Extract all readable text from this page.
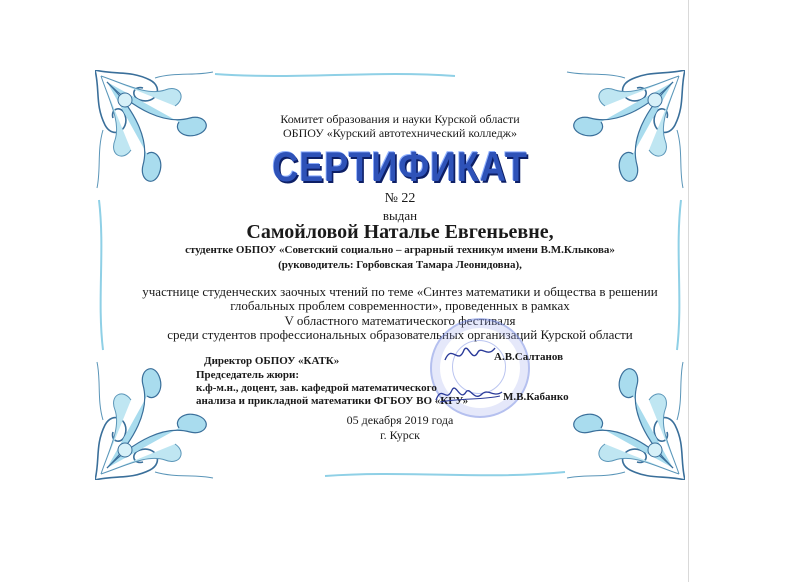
Комитет образования и науки Курской области
ОБПОУ «Курский автотехнический колледж»
СЕРТИФИКАТ
№ 22
выдан
Самойловой Наталье Евгеньевне,
студентке ОБПОУ «Советский социально – аграрный техникум имени В.М.Клыкова»
(руководитель: Горбовская Тамара Леонидовна),
участнице студенческих заочных чтений по теме «Синтез математики и общества в решении
глобальных проблем современности», проведенных в рамках
V областного математического фестиваля
среди студентов профессиональных образовательных организаций Курской области
Директор ОБПОУ «КАТК»	А.В.Салтанов
Председатель жюри:
к.ф-м.н., доцент, зав. кафедрой математического
анализа и прикладной математики ФГБОУ ВО «КГУ»	М.В.Кабанко
05 декабря 2019 года
г. Курск
